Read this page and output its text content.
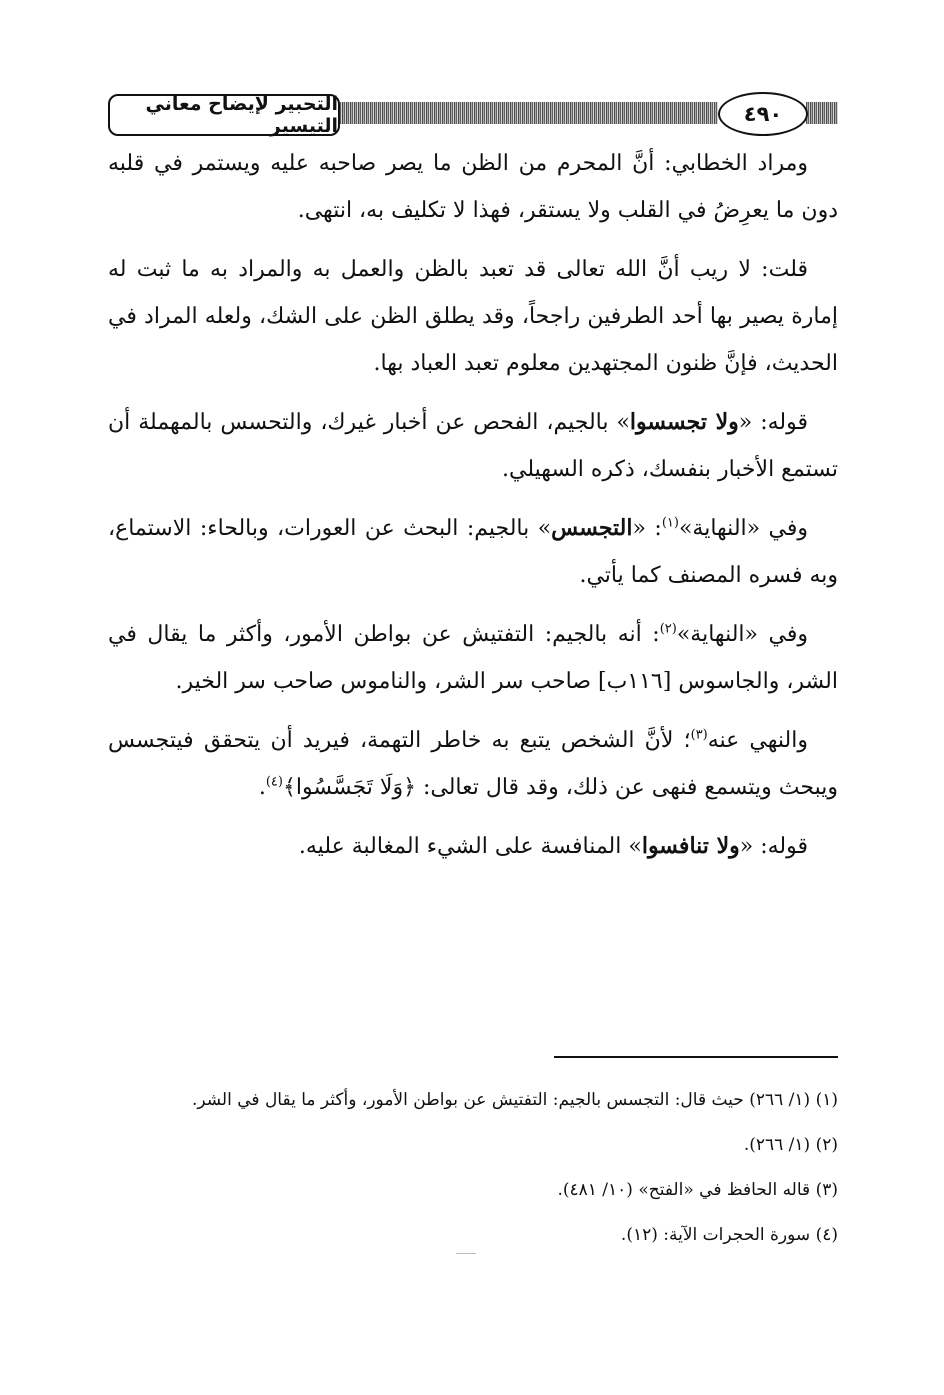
التحبير لإيضاح معاني التيسير	٤٩٠

ومراد الخطابي: أنَّ المحرم من الظن ما يصر صاحبه عليه ويستمر في قلبه دون ما يعرِضُ في القلب ولا يستقر، فهذا لا تكليف به، انتهى.

قلت: لا ريب أنَّ الله تعالى قد تعبد بالظن والعمل به والمراد به ما ثبت له إمارة يصير بها أحد الطرفين راجحاً، وقد يطلق الظن على الشك، ولعله المراد في الحديث، فإنَّ ظنون المجتهدين معلوم تعبد العباد بها.

قوله: «ولا تجسسوا» بالجيم، الفحص عن أخبار غيرك، والتحسس بالمهملة أن تستمع الأخبار بنفسك، ذكره السهيلي.

وفي «النهاية»$^{(١)}$: «التجسس» بالجيم: البحث عن العورات، وبالحاء: الاستماع، وبه فسره المصنف كما يأتي.

وفي «النهاية»$^{(٢)}$: أنه بالجيم: التفتيش عن بواطن الأمور، وأكثر ما يقال في الشر، والجاسوس [١١٦ب] صاحب سر الشر، والناموس صاحب سر الخير.

والنهي عنه$^{(٣)}$؛ لأنَّ الشخص يتبع به خاطر التهمة، فيريد أن يتحقق فيتجسس ويبحث ويتسمع فنهى عن ذلك، وقد قال تعالى: ﴿وَلَا تَجَسَّسُوا﴾$^{(٤)}$.

قوله: «ولا تنافسوا» المنافسة على الشيء المغالبة عليه.

(١) (١/ ٢٦٦) حيث قال: التجسس بالجيم: التفتيش عن بواطن الأمور، وأكثر ما يقال في الشر.
(٢) (١/ ٢٦٦).
(٣) قاله الحافظ في «الفتح» (١٠/ ٤٨١).
(٤) سورة الحجرات الآية: (١٢).
